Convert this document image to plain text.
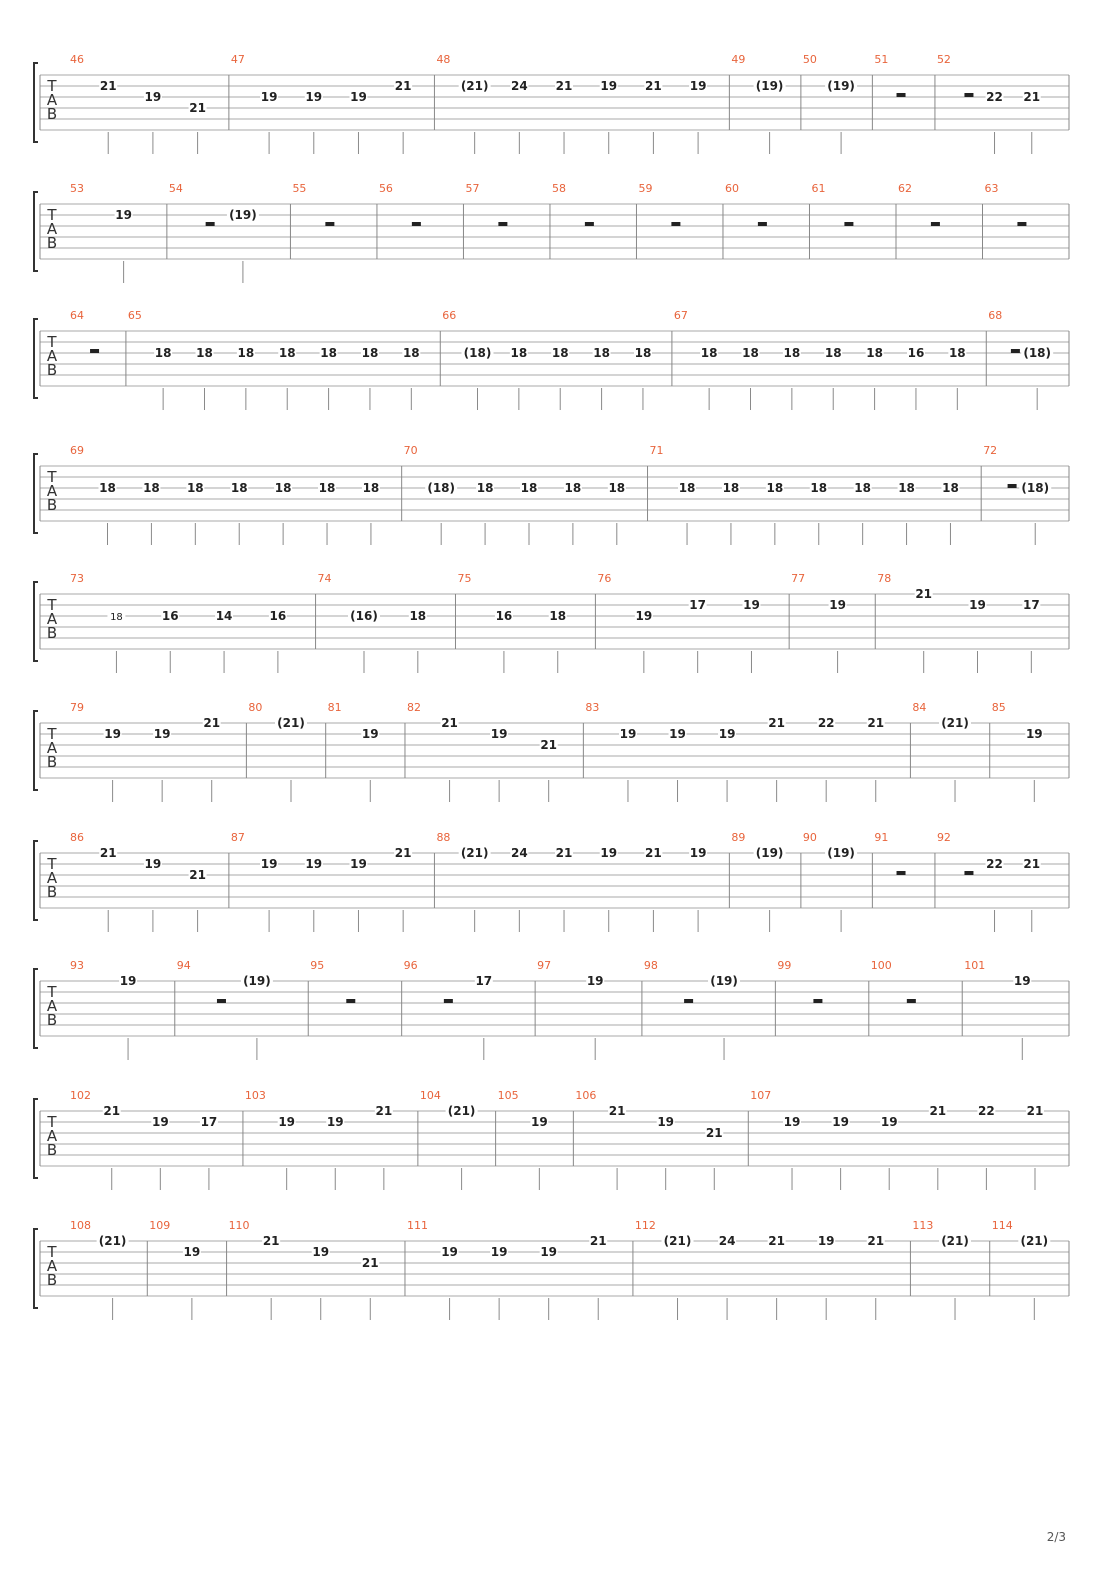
T
A
B
46
21
19
21
47
19 19 19
21
48
(21) 24 21 19 21 19
49
(19)
50
(19)
51	52
22 21
T
A
B
53
19
54
(19)
55	56	57	58	59	60	61	62	63
T
A
B
64	65
18 18 18 18 18 18 18
66
(18) 18 18 18 18
67
18 18 18 18 18 16 18
68
(18)
T
A
B
69
18 18 18 18 18 18 18
70
(18) 18 18 18 18
71
18 18 18 18 18 18 18
72
(18)
T
A
B
73
18	16	14	16
74
(16)	18
75
16	18
76
19
17	19
77
19
78
21
19	17
T
A
B
79
19	19
21
80
(21)
81
19
82
21
19
21
83
19	19	19
21	22	21
84
(21)
85
19
T
A
B
86
21
19
21
87
19 19 19
21
88
(21) 24 21 19 21 19
89
(19)
90
(19)
91	92
22 21
T
A
B
93
19
94
(19)
95	96
17
97
19
98
(19)
99	100	101
19
T
A
B
102
21
19	17
103
19	19
21
104
(21)
105
19
106
21
19
21
107
19	19	19
21	22	21
T
A
B
108
(21)
109
19
110
21
19
21
111
19	19	19
21
112
(21) 24	21	19	21
113
(21)
114
(21)
2/3
